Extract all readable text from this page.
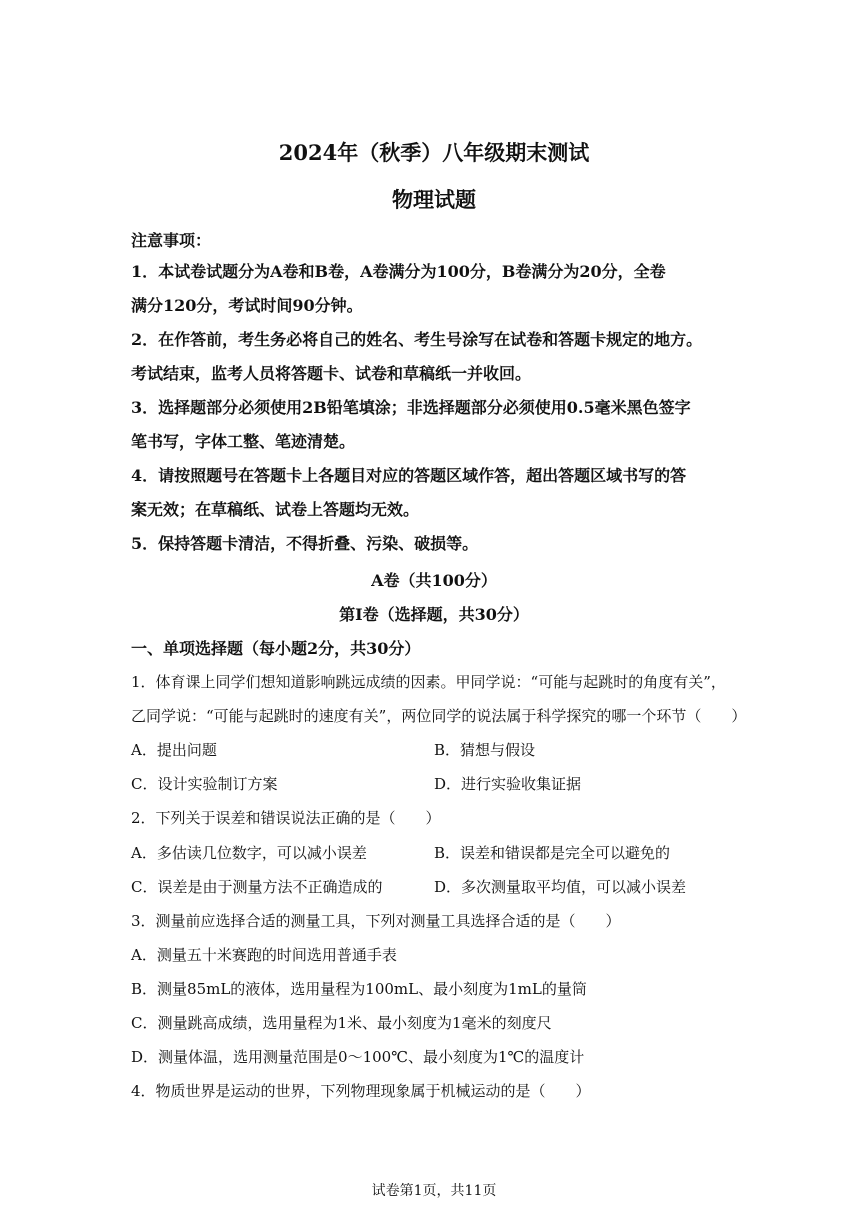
2024年（秋季）八年级期末测试
物理试题
注意事项：
1．本试卷试题分为A卷和B卷，A卷满分为100分，B卷满分为20分，全卷
满分120分，考试时间90分钟。
2．在作答前，考生务必将自己的姓名、考生号涂写在试卷和答题卡规定的地方。
考试结束，监考人员将答题卡、试卷和草稿纸一并收回。
3．选择题部分必须使用2B铅笔填涂；非选择题部分必须使用0.5毫米黑色签字
笔书写，字体工整、笔迹清楚。
4．请按照题号在答题卡上各题目对应的答题区域作答，超出答题区域书写的答
案无效；在草稿纸、试卷上答题均无效。
5．保持答题卡清洁，不得折叠、污染、破损等。
A卷（共100分）
第I卷（选择题，共30分）
一、单项选择题（每小题2分，共30分）
1．体育课上同学们想知道影响跳远成绩的因素。甲同学说：“可能与起跳时的角度有关”，
乙同学说：“可能与起跳时的速度有关”，两位同学的说法属于科学探究的哪一个环节（　　）
A．提出问题	B．猜想与假设
C．设计实验制订方案	D．进行实验收集证据
2．下列关于误差和错误说法正确的是（　　）
A．多估读几位数字，可以减小误差	B．误差和错误都是完全可以避免的
C．误差是由于测量方法不正确造成的	D．多次测量取平均值，可以减小误差
3．测量前应选择合适的测量工具，下列对测量工具选择合适的是（　　）
A．测量五十米赛跑的时间选用普通手表
B．测量85mL的液体，选用量程为100mL、最小刻度为1mL的量筒
C．测量跳高成绩，选用量程为1米、最小刻度为1毫米的刻度尺
D．测量体温，选用测量范围是0～100℃、最小刻度为1℃的温度计
4．物质世界是运动的世界，下列物理现象属于机械运动的是（　　）
试卷第1页，共11页
